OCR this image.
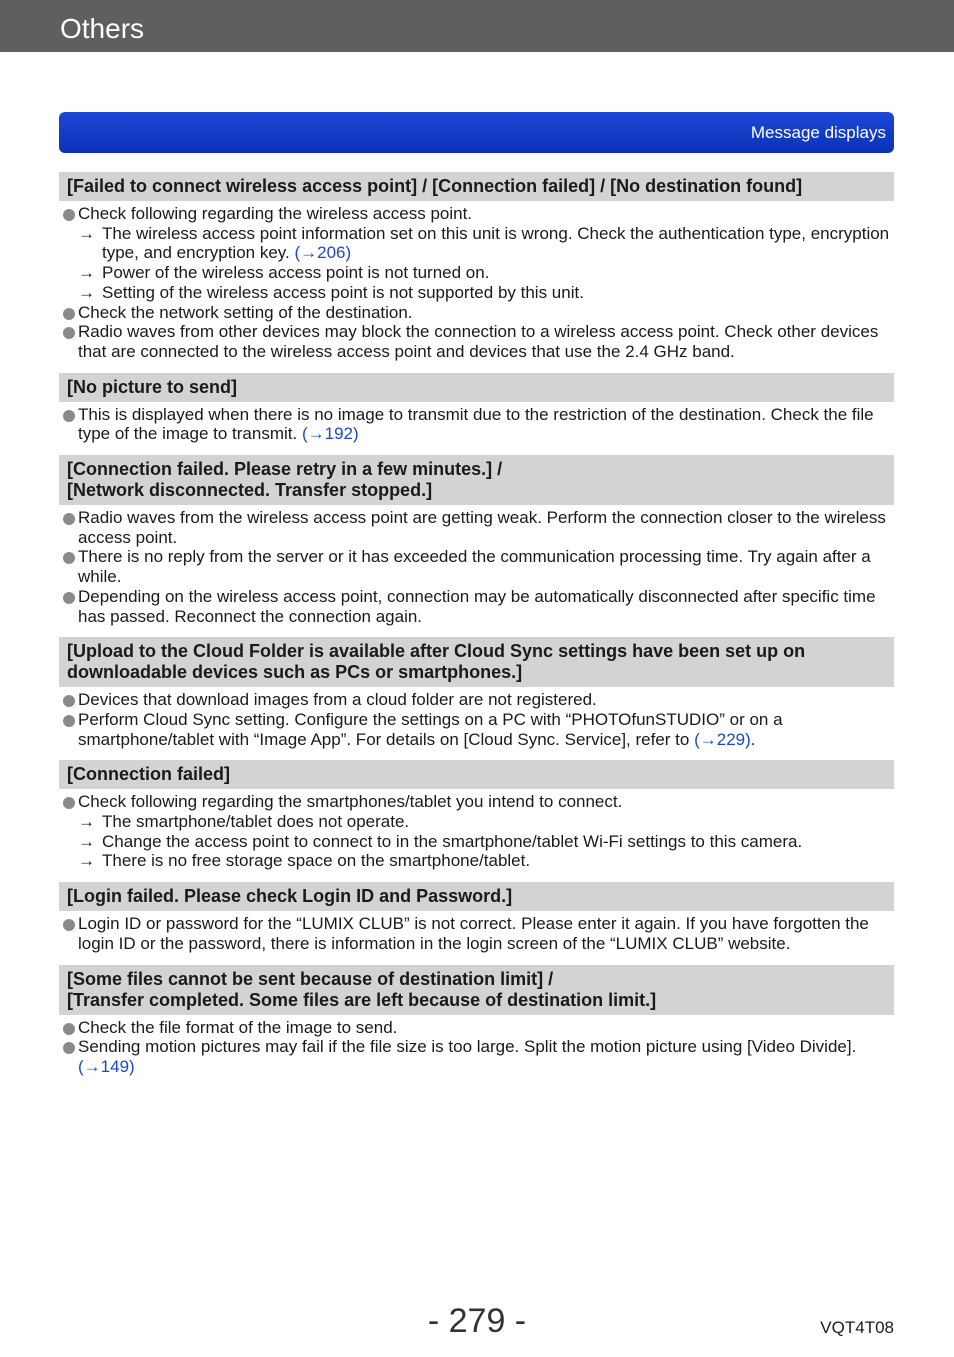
Others
Message displays
[Failed to connect wireless access point] / [Connection failed] / [No destination found]
Check following regarding the wireless access point.
→ The wireless access point information set on this unit is wrong. Check the authentication type, encryption type, and encryption key. (→206)
→ Power of the wireless access point is not turned on.
→ Setting of the wireless access point is not supported by this unit.
Check the network setting of the destination.
Radio waves from other devices may block the connection to a wireless access point. Check other devices that are connected to the wireless access point and devices that use the 2.4 GHz band.
[No picture to send]
This is displayed when there is no image to transmit due to the restriction of the destination. Check the file type of the image to transmit. (→192)
[Connection failed. Please retry in a few minutes.] /
[Network disconnected. Transfer stopped.]
Radio waves from the wireless access point are getting weak. Perform the connection closer to the wireless access point.
There is no reply from the server or it has exceeded the communication processing time. Try again after a while.
Depending on the wireless access point, connection may be automatically disconnected after specific time has passed. Reconnect the connection again.
[Upload to the Cloud Folder is available after Cloud Sync settings have been set up on downloadable devices such as PCs or smartphones.]
Devices that download images from a cloud folder are not registered.
Perform Cloud Sync setting. Configure the settings on a PC with “PHOTOfunSTUDIO” or on a smartphone/tablet with “Image App”. For details on [Cloud Sync. Service], refer to (→229).
[Connection failed]
Check following regarding the smartphones/tablet you intend to connect.
→ The smartphone/tablet does not operate.
→ Change the access point to connect to in the smartphone/tablet Wi-Fi settings to this camera.
→ There is no free storage space on the smartphone/tablet.
[Login failed. Please check Login ID and Password.]
Login ID or password for the “LUMIX CLUB” is not correct. Please enter it again. If you have forgotten the login ID or the password, there is information in the login screen of the “LUMIX CLUB” website.
[Some files cannot be sent because of destination limit] /
[Transfer completed. Some files are left because of destination limit.]
Check the file format of the image to send.
Sending motion pictures may fail if the file size is too large. Split the motion picture using [Video Divide]. (→149)
- 279 -	VQT4T08
